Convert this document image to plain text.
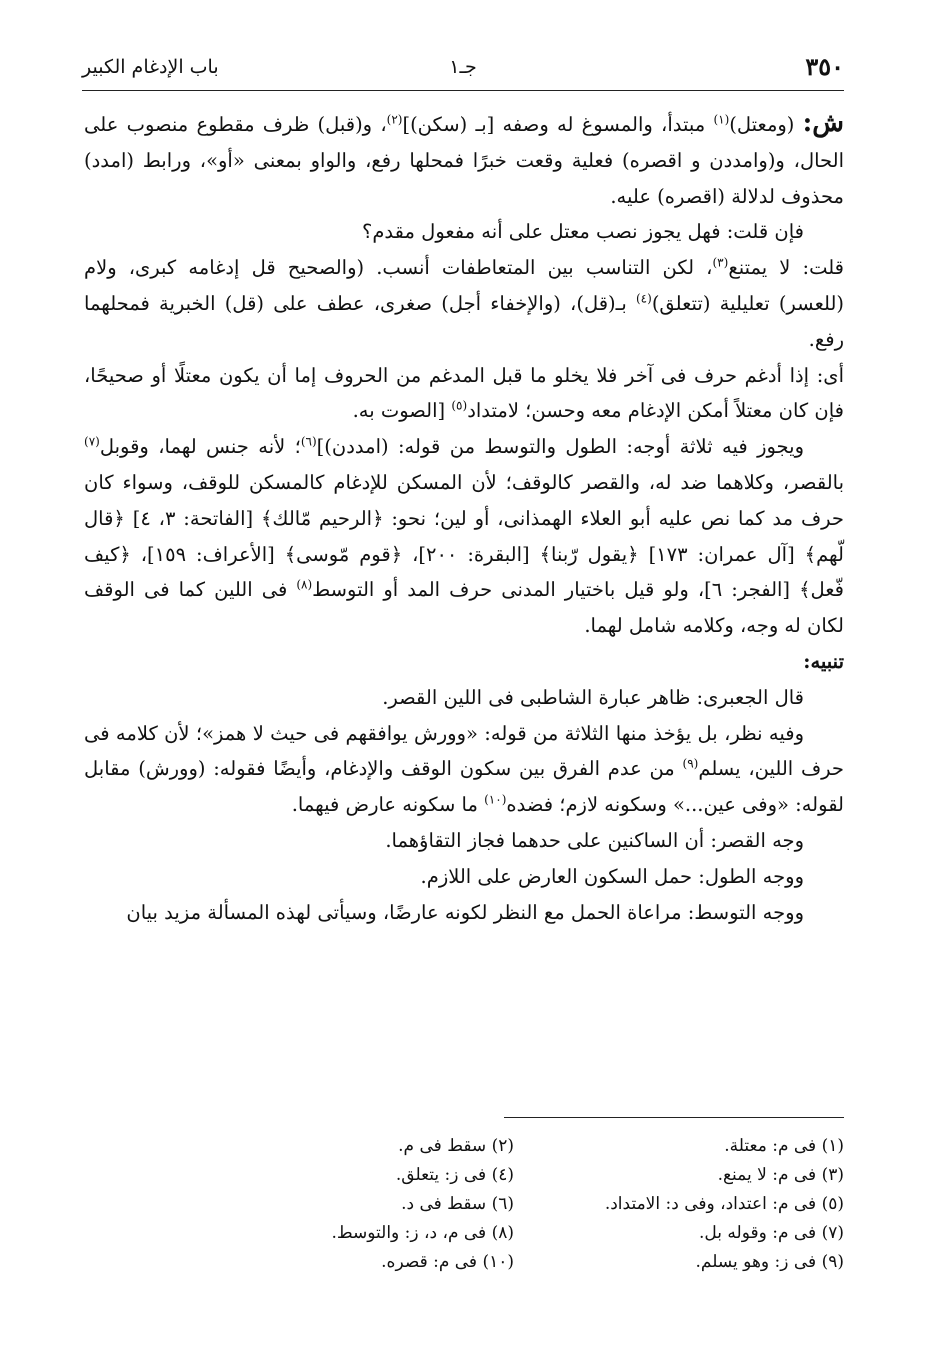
٣٥٠
جـ١
باب الإدغام الكبير

ش: (ومعتل)$^{(١)}$ مبتدأ، والمسوغ له وصفه [بـ (سكن)]$^{(٢)}$، و(قبل) ظرف مقطوع منصوب على الحال، و(وامددن و اقصره) فعلية وقعت خبرًا فمحلها رفع، والواو بمعنى «أو»، ورابط (امدد) محذوف لدلالة (اقصره) عليه.

فإن قلت: فهل يجوز نصب معتل على أنه مفعول مقدم؟

قلت: لا يمتنع$^{(٣)}$، لكن التناسب بين المتعاطفات أنسب. (والصحيح قل إدغامه كبرى، ولام (للعسر) تعليلية (تتعلق)$^{(٤)}$ بـ(قل)، (والإخفاء أجل) صغرى، عطف على (قل) الخبرية فمحلهما رفع.

أى: إذا أدغم حرف فى آخر فلا يخلو ما قبل المدغم من الحروف إما أن يكون معتلًا أو صحيحًا، فإن كان معتلاً أمكن الإدغام معه وحسن؛ لامتداد$^{(٥)}$ [الصوت به.

ويجوز فيه ثلاثة أوجه: الطول والتوسط من قوله: (امددن)]$^{(٦)}$؛ لأنه جنس لهما، وقوبل$^{(٧)}$ بالقصر، وكلاهما ضد له، والقصر كالوقف؛ لأن المسكن للإدغام كالمسكن للوقف، وسواء كان حرف مد كما نص عليه أبو العلاء الهمذانى، أو لين؛ نحو: ﴿الرحيم مّالك﴾ [الفاتحة: ٣، ٤] ﴿قال لّهم﴾ [آل عمران: ١٧٣] ﴿يقول رّبنا﴾ [البقرة: ٢٠٠]، ﴿قوم مّوسى﴾ [الأعراف: ١٥٩]، ﴿كيف فّعل﴾ [الفجر: ٦]، ولو قيل باختيار المدنى حرف المد أو التوسط$^{(٨)}$ فى اللين كما فى الوقف لكان له وجه، وكلامه شامل لهما.

تنبيه:

قال الجعبرى: ظاهر عبارة الشاطبى فى اللين القصر.

وفيه نظر، بل يؤخذ منها الثلاثة من قوله: «وورش يوافقهم فى حيث لا همز»؛ لأن كلامه فى حرف اللين، يسلم$^{(٩)}$ من عدم الفرق بين سكون الوقف والإدغام، وأيضًا فقوله: (وورش) مقابل لقوله: «وفى عين...» وسكونه لازم؛ فضده$^{(١٠)}$ ما سكونه عارض فيهما.

وجه القصر: أن الساكنين على حدهما فجاز التقاؤهما.

ووجه الطول: حمل السكون العارض على اللازم.

ووجه التوسط: مراعاة الحمل مع النظر لكونه عارضًا، وسيأتى لهذه المسألة مزيد بيان

(١) فى م: معتلة.
(٣) فى م: لا يمنع.
(٥) فى م: اعتداد، وفى د: الامتداد.
(٧) فى م: وقوله بل.
(٩) فى ز: وهو يسلم.
(٢) سقط فى م.
(٤) فى ز: يتعلق.
(٦) سقط فى د.
(٨) فى م، د، ز: والتوسط.
(١٠) فى م: قصره.
